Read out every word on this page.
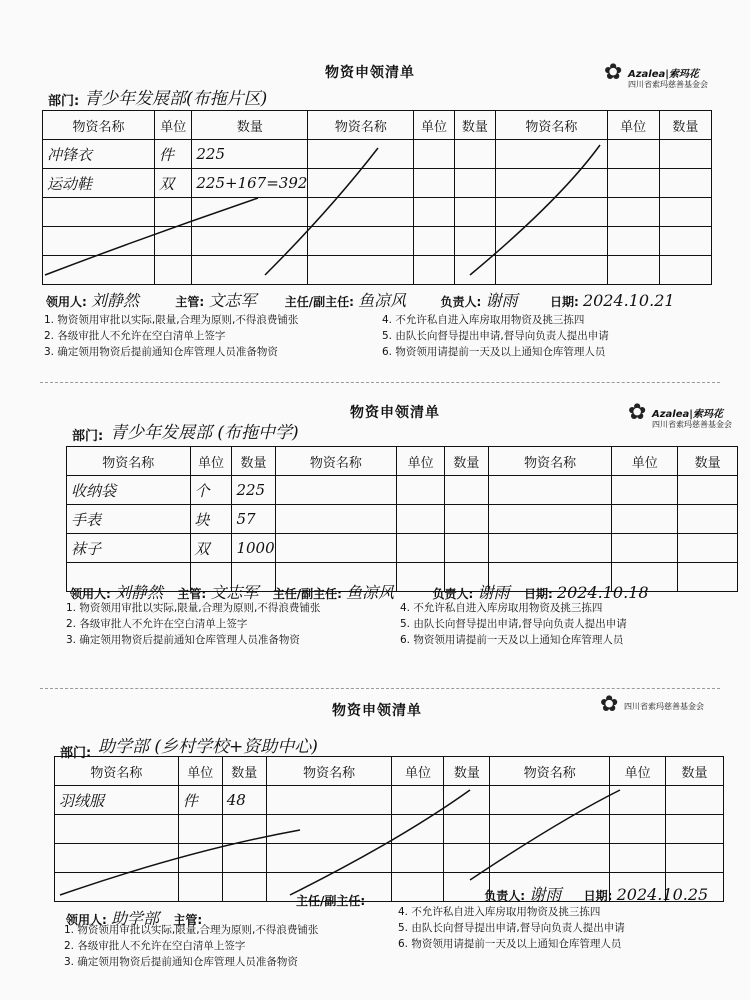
物资申领清单	✿ Azalea|索玛花
四川省索玛慈善基金会
部门: 青少年发展部(布拖片区)
物资名称	单位	数量	物资名称	单位	数量	物资名称	单位	数量
冲锋衣	件	225						
运动鞋	双	225+167=392						

领用人: 刘静然	主管: 文志军 主任/副主任: 鱼凉风	负责人: 谢雨	日期: 2024.10.21
1. 物资领用审批以实际,限量,合理为原则,不得浪费铺张
2. 各级审批人不允许在空白清单上签字
3. 确定领用物资后提前通知仓库管理人员准备物资
4. 不允许私自进入库房取用物资及挑三拣四
5. 由队长向督导提出申请,督导向负责人提出申请
6. 物资领用请提前一天及以上通知仓库管理人员
物资申领清单	✿ Azalea|索玛花
四川省索玛慈善基金会
部门: 青少年发展部 (布拖中学)
物资名称	单位	数量	物资名称	单位	数量	物资名称	单位	数量
收纳袋	个	225						
手表	块	57						
袜子	双	1000						

领用人: 刘静然 主管: 文志军 主任/副主任: 鱼凉风	负责人: 谢雨 日期: 2024.10.18
1. 物资领用审批以实际,限量,合理为原则,不得浪费铺张
2. 各级审批人不允许在空白清单上签字
3. 确定领用物资后提前通知仓库管理人员准备物资
4. 不允许私自进入库房取用物资及挑三拣四
5. 由队长向督导提出申请,督导向负责人提出申请
6. 物资领用请提前一天及以上通知仓库管理人员
物资申领清单	✿ 四川省索玛慈善基金会
部门: 助学部 (乡村学校+资助中心)
物资名称	单位	数量	物资名称	单位	数量	物资名称	单位	数量
羽绒服	件	48						

负责人: 谢雨 日期: 2024.10.25
领用人: 助学部 主管:
主任/副主任:
1. 物资领用审批以实际,限量,合理为原则,不得浪费铺张
2. 各级审批人不允许在空白清单上签字
3. 确定领用物资后提前通知仓库管理人员准备物资
4. 不允许私自进入库房取用物资及挑三拣四
5. 由队长向督导提出申请,督导向负责人提出申请
6. 物资领用请提前一天及以上通知仓库管理人员
